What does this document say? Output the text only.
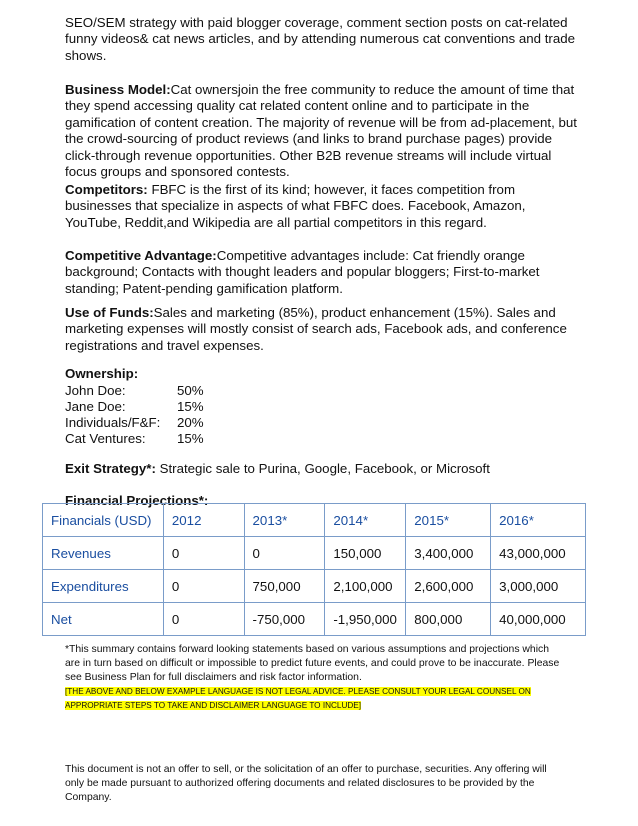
SEO/SEM strategy with paid blogger coverage, comment section posts on cat-related funny videos& cat news articles, and by attending numerous cat conventions and trade shows.

Business Model:Cat ownersjoin the free community to reduce the amount of time that they spend accessing quality cat related content online and to participate in the gamification of content creation. The majority of revenue will be from ad-placement, but the crowd-sourcing of product reviews (and links to brand purchase pages) provide click-through revenue opportunities. Other B2B revenue streams will include virtual focus groups and sponsored contests.

Competitors: FBFC is the first of its kind; however, it faces competition from businesses that specialize in aspects of what FBFC does. Facebook, Amazon, YouTube, Reddit,and Wikipedia are all partial competitors in this regard.

Competitive Advantage:Competitive advantages include: Cat friendly orange background; Contacts with thought leaders and popular bloggers; First-to-market standing; Patent-pending gamification platform.

Use of Funds:Sales and marketing (85%), product enhancement (15%). Sales and marketing expenses will mostly consist of search ads, Facebook ads, and conference registrations and travel expenses.

Ownership:
John Doe:	50%
Jane Doe:	15%
Individuals/F&F: 20%
Cat Ventures: 15%

Exit Strategy*: Strategic sale to Purina, Google, Facebook, or Microsoft

Financial Projections*:
Financials (USD)	2012	2013*	2014*	2015*	2016*
Revenues	0	0	150,000	3,400,000	43,000,000
Expenditures	0	750,000	2,100,000	2,600,000	3,000,000
Net	0	-750,000	-1,950,000	800,000	40,000,000

*This summary contains forward looking statements based on various assumptions and projections which are in turn based on difficult or impossible to predict future events, and could prove to be inaccurate. Please see Business Plan for full disclaimers and risk factor information.
[THE ABOVE AND BELOW EXAMPLE LANGUAGE IS NOT LEGAL ADVICE. PLEASE CONSULT YOUR LEGAL COUNSEL ON APPROPRIATE STEPS TO TAKE AND DISCLAIMER LANGUAGE TO INCLUDE]

This document is not an offer to sell, or the solicitation of an offer to purchase, securities. Any offering will only be made pursuant to authorized offering documents and related disclosures to be provided by the Company.
